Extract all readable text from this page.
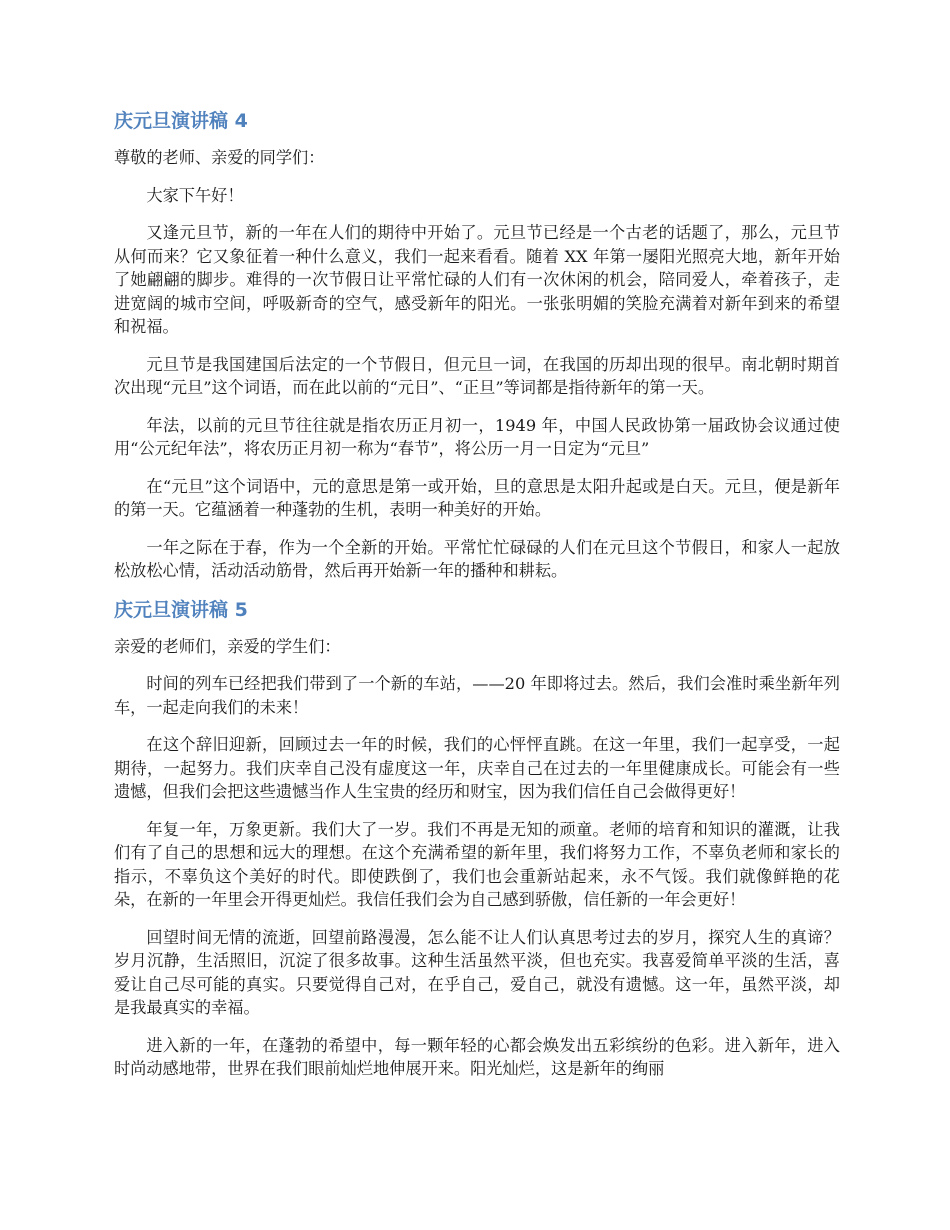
庆元旦演讲稿 4

尊敬的老师、亲爱的同学们：

大家下午好！

又逢元旦节，新的一年在人们的期待中开始了。元旦节已经是一个古老的话题了，那么，元旦节从何而来？它又象征着一种什么意义，我们一起来看看。随着 XX 年第一屡阳光照亮大地，新年开始了她翩翩的脚步。难得的一次节假日让平常忙碌的人们有一次休闲的机会，陪同爱人，牵着孩子，走进宽阔的城市空间，呼吸新奇的空气，感受新年的阳光。一张张明媚的笑脸充满着对新年到来的希望和祝福。

元旦节是我国建国后法定的一个节假日，但元旦一词，在我国的历却出现的很早。南北朝时期首次出现“元旦”这个词语，而在此以前的“元日”、“正旦”等词都是指待新年的第一天。

年法，以前的元旦节往往就是指农历正月初一，1949 年，中国人民政协第一届政协会议通过使用“公元纪年法”，将农历正月初一称为“春节”，将公历一月一日定为“元旦”

在“元旦”这个词语中，元的意思是第一或开始，旦的意思是太阳升起或是白天。元旦，便是新年的第一天。它蕴涵着一种蓬勃的生机，表明一种美好的开始。

一年之际在于春，作为一个全新的开始。平常忙忙碌碌的人们在元旦这个节假日，和家人一起放松放松心情，活动活动筋骨，然后再开始新一年的播种和耕耘。

庆元旦演讲稿 5

亲爱的老师们，亲爱的学生们：

时间的列车已经把我们带到了一个新的车站，——20 年即将过去。然后，我们会准时乘坐新年列车，一起走向我们的未来！

在这个辞旧迎新，回顾过去一年的时候，我们的心怦怦直跳。在这一年里，我们一起享受，一起期待，一起努力。我们庆幸自己没有虚度这一年，庆幸自己在过去的一年里健康成长。可能会有一些遗憾，但我们会把这些遗憾当作人生宝贵的经历和财宝，因为我们信任自己会做得更好！

年复一年，万象更新。我们大了一岁。我们不再是无知的顽童。老师的培育和知识的灌溉，让我们有了自己的思想和远大的理想。在这个充满希望的新年里，我们将努力工作，不辜负老师和家长的指示，不辜负这个美好的时代。即使跌倒了，我们也会重新站起来，永不气馁。我们就像鲜艳的花朵，在新的一年里会开得更灿烂。我信任我们会为自己感到骄傲，信任新的一年会更好！

回望时间无情的流逝，回望前路漫漫，怎么能不让人们认真思考过去的岁月，探究人生的真谛？岁月沉静，生活照旧，沉淀了很多故事。这种生活虽然平淡，但也充实。我喜爱简单平淡的生活，喜爱让自己尽可能的真实。只要觉得自己对，在乎自己，爱自己，就没有遗憾。这一年，虽然平淡，却是我最真实的幸福。

进入新的一年，在蓬勃的希望中，每一颗年轻的心都会焕发出五彩缤纷的色彩。进入新年，进入时尚动感地带，世界在我们眼前灿烂地伸展开来。阳光灿烂，这是新年的绚丽
